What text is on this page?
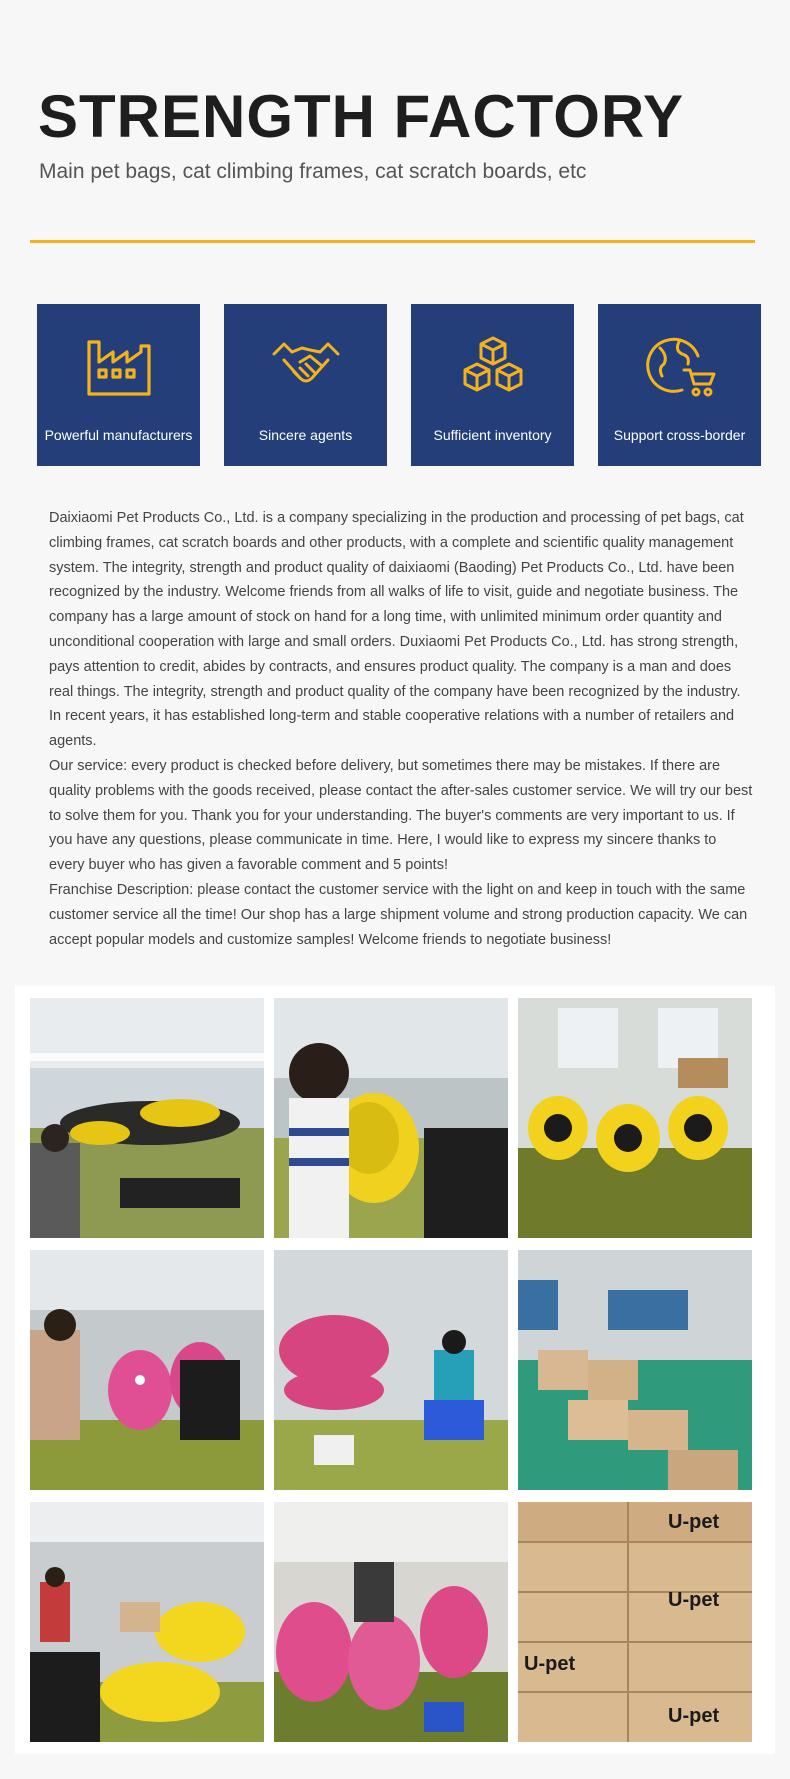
STRENGTH FACTORY
Main pet bags, cat climbing frames, cat scratch boards, etc
Powerful manufacturers	Sincere agents	Sufficient inventory	Support cross-border

Daixiaomi Pet Products Co., Ltd. is a company specializing in the production and processing of pet bags, cat climbing frames, cat scratch boards and other products, with a complete and scientific quality management system. The integrity, strength and product quality of daixiaomi (Baoding) Pet Products Co., Ltd. have been recognized by the industry. Welcome friends from all walks of life to visit, guide and negotiate business. The company has a large amount of stock on hand for a long time, with unlimited minimum order quantity and unconditional cooperation with large and small orders. Duxiaomi Pet Products Co., Ltd. has strong strength, pays attention to credit, abides by contracts, and ensures product quality. The company is a man and does real things. The integrity, strength and product quality of the company have been recognized by the industry. In recent years, it has established long-term and stable cooperative relations with a number of retailers and agents.

Our service: every product is checked before delivery, but sometimes there may be mistakes. If there are quality problems with the goods received, please contact the after-sales customer service. We will try our best to solve them for you. Thank you for your understanding. The buyer's comments are very important to us. If you have any questions, please communicate in time. Here, I would like to express my sincere thanks to every buyer who has given a favorable comment and 5 points!

Franchise Description: please contact the customer service with the light on and keep in touch with the same customer service all the time! Our shop has a large shipment volume and strong production capacity. We can accept popular models and customize samples! Welcome friends to negotiate business!

U-pet
U-pet
U-pet
U-pet
